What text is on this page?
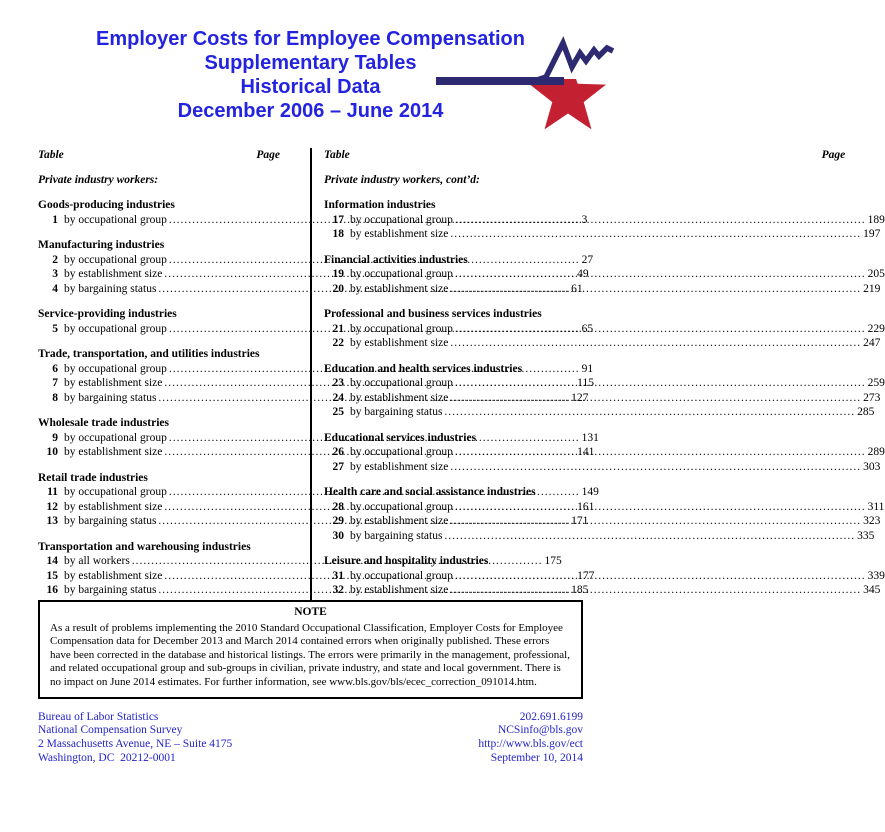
Employer Costs for Employee Compensation
Supplementary Tables
Historical Data
December 2006 – June 2014
Table	Page
Private industry workers:
Goods-producing industries
1 by occupational group .....	3
Manufacturing industries
2 by occupational group .....	27
3 by establishment size .....	49
4 by bargaining status .....	61
Service-providing industries
5 by occupational group .....	65
Trade, transportation, and utilities industries
6 by occupational group .....	91
7 by establishment size .....	115
8 by bargaining status .....	127
Wholesale trade industries
9 by occupational group .....	131
10 by establishment size .....	141
Retail trade industries
11 by occupational group .....	149
12 by establishment size .....	161
13 by bargaining status .....	171
Transportation and warehousing industries
14 by all workers .....	175
15 by establishment size .....	177
16 by bargaining status .....	185
Table	Page
Private industry workers, cont’d:
Information industries
17 by occupational group .....	189
18 by establishment size .....	197
Financial activities industries
19 by occupational group .....	205
20 by establishment size .....	219
Professional and business services industries
21 by occupational group .....	229
22 by establishment size .....	247
Education and health services industries
23 by occupational group .....	259
24 by establishment size .....	273
25 by bargaining status .....	285
Educational services industries
26 by occupational group .....	289
27 by establishment size .....	303
Health care and social assistance industries
28 by occupational group .....	311
29 by establishment size .....	323
30 by bargaining status .....	335
Leisure and hospitality industries
31 by occupational group .....	339
32 by establishment size .....	345
NOTE
As a result of problems implementing the 2010 Standard Occupational Classification, Employer Costs for Employee Compensation data for December 2013 and March 2014 contained errors when originally published. These errors have been corrected in the database and historical listings. The errors were primarily in the management, professional, and related occupational group and sub-groups in civilian, private industry, and state and local government. There is no impact on June 2014 estimates. For further information, see www.bls.gov/bls/ecec_correction_091014.htm.
Bureau of Labor Statistics
National Compensation Survey
2 Massachusetts Avenue, NE – Suite 4175
Washington, DC  20212-0001
202.691.6199
NCSinfo@bls.gov
http://www.bls.gov/ect
September 10, 2014
